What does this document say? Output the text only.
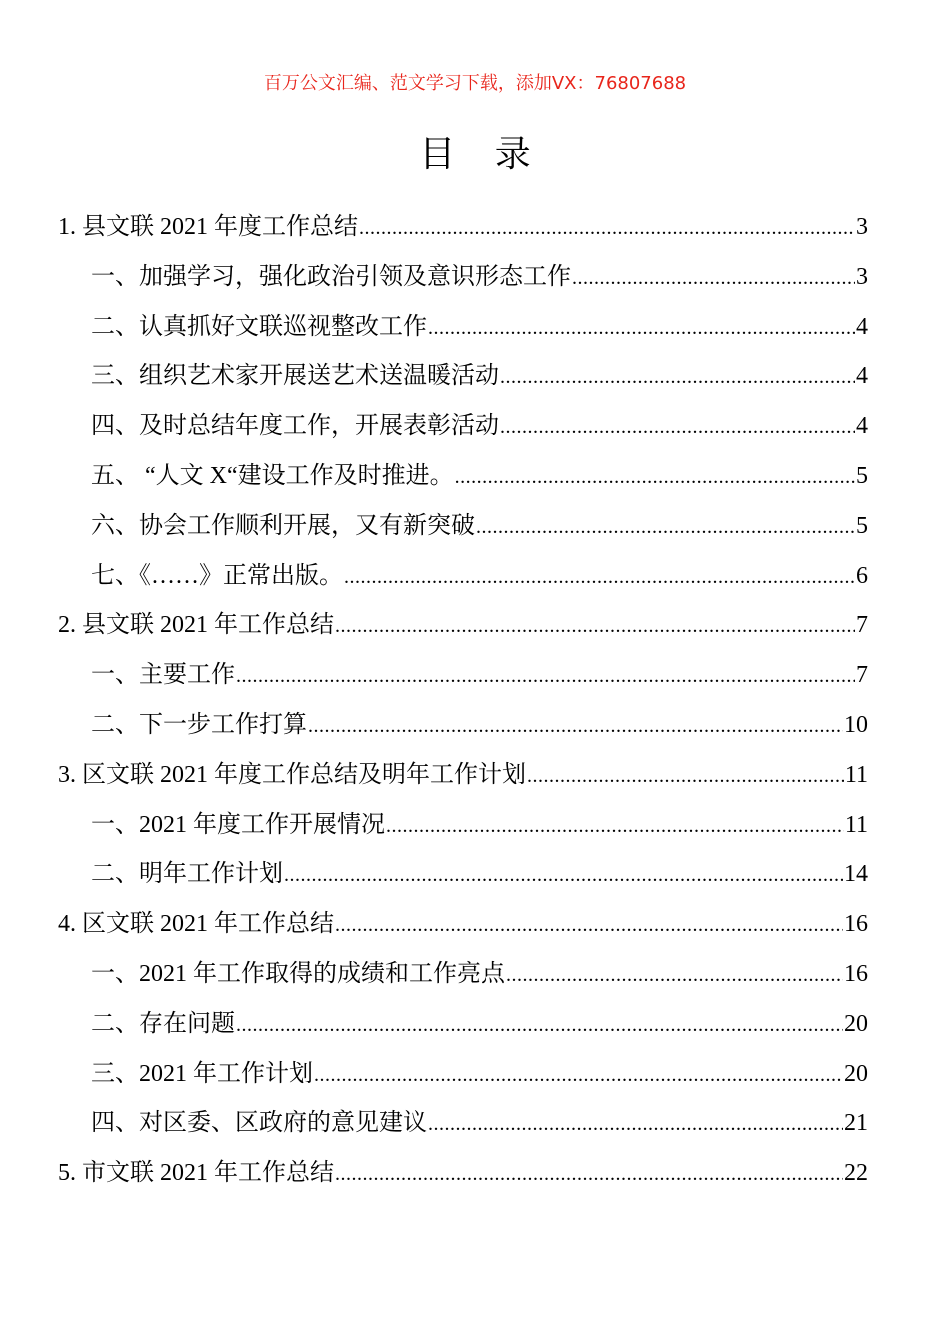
百万公文汇编、范文学习下载，添加VX：76807688
目 录
1. 县文联 2021 年度工作总结 .....	3
一、加强学习，强化政治引领及意识形态工作 .....	3
二、认真抓好文联巡视整改工作 .....	4
三、组织艺术家开展送艺术送温暖活动 .....	4
四、及时总结年度工作，开展表彰活动 .....	4
五、 “人文 X“建设工作及时推进。 .....	5
六、协会工作顺利开展，又有新突破 .....	5
七、《……》正常出版。 .....	6
2. 县文联 2021 年工作总结 .....	7
一、主要工作 .....	7
二、下一步工作打算 .....	10
3. 区文联 2021 年度工作总结及明年工作计划 .....	11
一、2021 年度工作开展情况 .....	11
二、明年工作计划 .....	14
4. 区文联 2021 年工作总结 .....	16
一、2021 年工作取得的成绩和工作亮点 .....	16
二、存在问题 .....	20
三、2021 年工作计划 .....	20
四、对区委、区政府的意见建议 .....	21
5. 市文联 2021 年工作总结 .....	22
